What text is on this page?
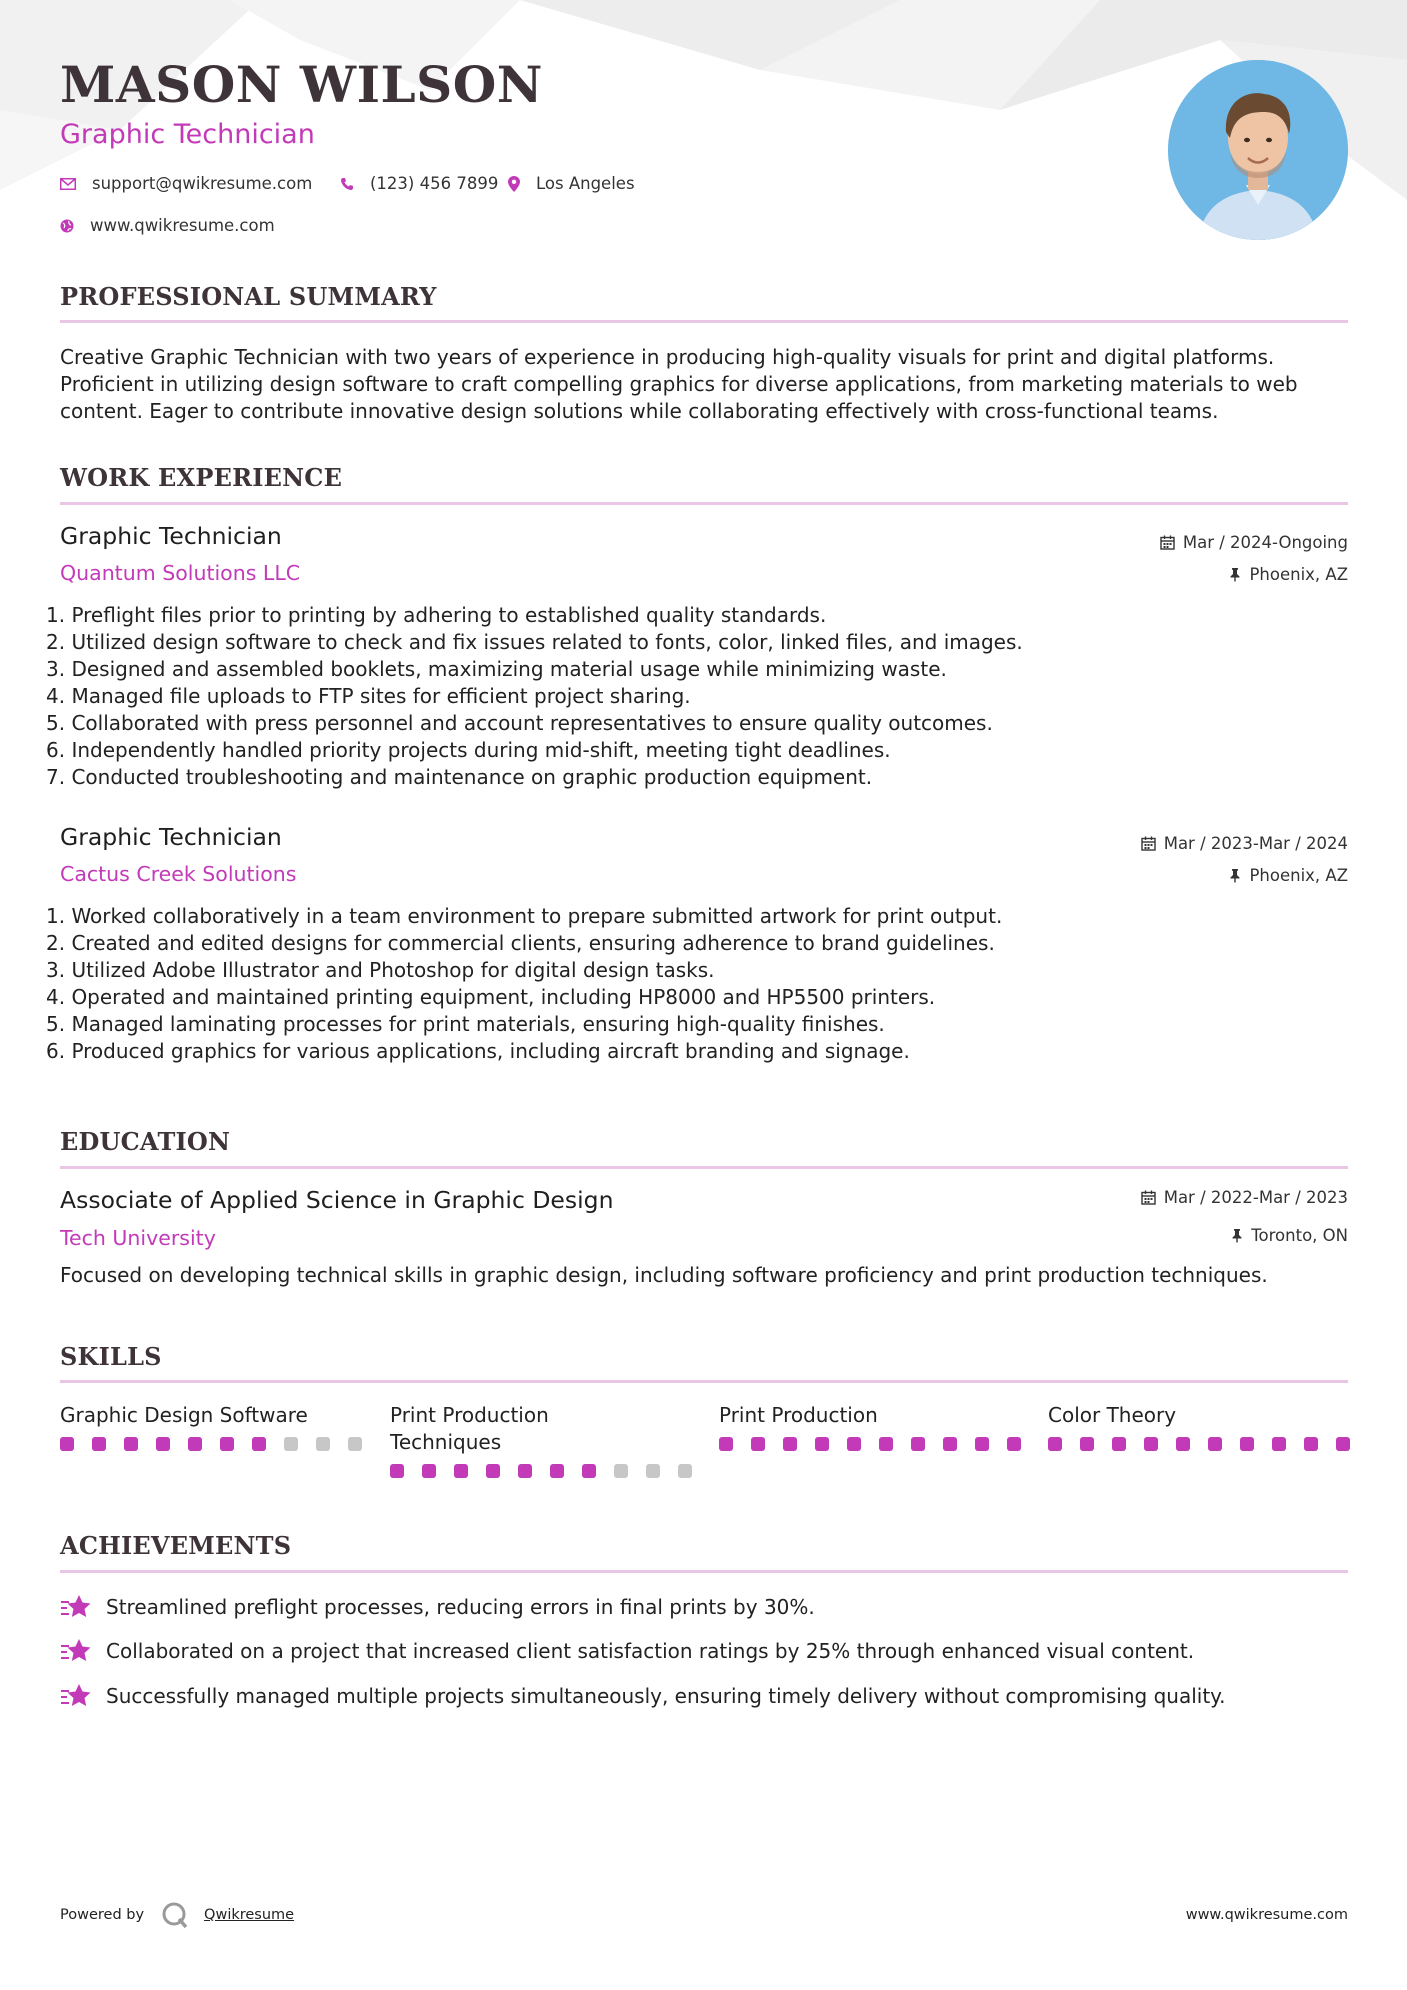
MASON WILSON
Graphic Technician
support@qwikresume.com	(123) 456 7899 Los Angeles
www.qwikresume.com
PROFESSIONAL SUMMARY
Creative Graphic Technician with two years of experience in producing high-quality visuals for print and digital platforms. Proficient in utilizing design software to craft compelling graphics for diverse applications, from marketing materials to web content. Eager to contribute innovative design solutions while collaborating effectively with cross-functional teams.
WORK EXPERIENCE
Graphic Technician
Quantum Solutions LLC
Mar / 2024-Ongoing
Phoenix, AZ
1. Preflight files prior to printing by adhering to established quality standards.
2. Utilized design software to check and fix issues related to fonts, color, linked files, and images.
3. Designed and assembled booklets, maximizing material usage while minimizing waste.
4. Managed file uploads to FTP sites for efficient project sharing.
5. Collaborated with press personnel and account representatives to ensure quality outcomes.
6. Independently handled priority projects during mid-shift, meeting tight deadlines.
7. Conducted troubleshooting and maintenance on graphic production equipment.
Graphic Technician
Cactus Creek Solutions
Mar / 2023-Mar / 2024
Phoenix, AZ
1. Worked collaboratively in a team environment to prepare submitted artwork for print output.
2. Created and edited designs for commercial clients, ensuring adherence to brand guidelines.
3. Utilized Adobe Illustrator and Photoshop for digital design tasks.
4. Operated and maintained printing equipment, including HP8000 and HP5500 printers.
5. Managed laminating processes for print materials, ensuring high-quality finishes.
6. Produced graphics for various applications, including aircraft branding and signage.
EDUCATION
Associate of Applied Science in Graphic Design
Tech University
Mar / 2022-Mar / 2023
Toronto, ON
Focused on developing technical skills in graphic design, including software proficiency and print production techniques.
SKILLS
Graphic Design Software	Print Production Techniques
Print Production	Color Theory
ACHIEVEMENTS
Streamlined preflight processes, reducing errors in final prints by 30%.
Collaborated on a project that increased client satisfaction ratings by 25% through enhanced visual content.
Successfully managed multiple projects simultaneously, ensuring timely delivery without compromising quality.
Powered by	Qwikresume	www.qwikresume.com
